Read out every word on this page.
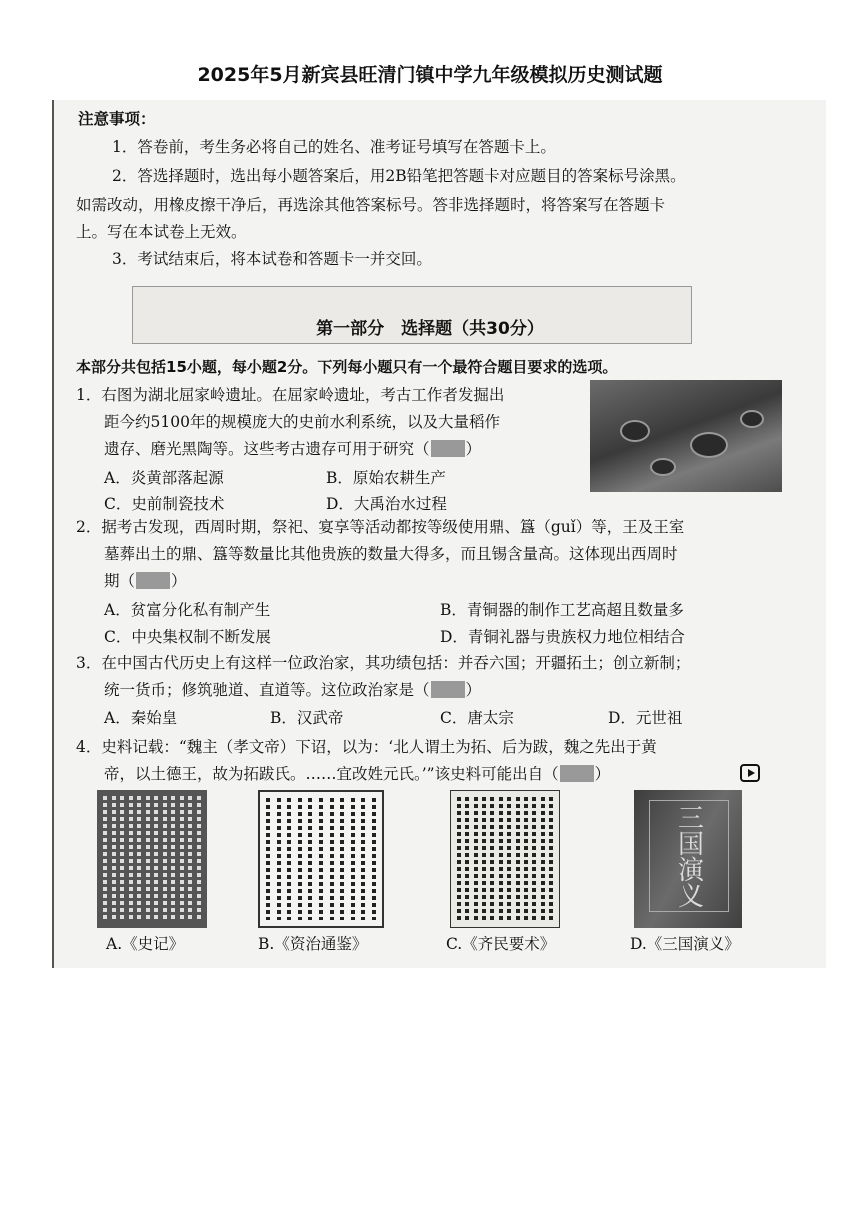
2025年5月新宾县旺清门镇中学九年级模拟历史测试题
注意事项：
1．答卷前，考生务必将自己的姓名、准考证号填写在答题卡上。
2．答选择题时，选出每小题答案后，用2B铅笔把答题卡对应题目的答案标号涂黑。
如需改动，用橡皮擦干净后，再选涂其他答案标号。答非选择题时，将答案写在答题卡
上。写在本试卷上无效。
3．考试结束后，将本试卷和答题卡一并交回。
第一部分　选择题（共30分）
本部分共包括15小题，每小题2分。下列每小题只有一个最符合题目要求的选项。
1．右图为湖北屈家岭遗址。在屈家岭遗址，考古工作者发掘出
距今约5100年的规模庞大的史前水利系统，以及大量稻作
遗存、磨光黑陶等。这些考古遗存可用于研究（ ）
A．炎黄部落起源	B．原始农耕生产
C．史前制瓷技术	D．大禹治水过程
2．据考古发现，西周时期，祭祀、宴享等活动都按等级使用鼎、簋（guǐ）等，王及王室
墓葬出土的鼎、簋等数量比其他贵族的数量大得多，而且锡含量高。这体现出西周时
期（ ）
A．贫富分化私有制产生	B．青铜器的制作工艺高超且数量多
C．中央集权制不断发展	D．青铜礼器与贵族权力地位相结合
3．在中国古代历史上有这样一位政治家，其功绩包括：并吞六国；开疆拓土；创立新制；
统一货币；修筑驰道、直道等。这位政治家是（ ）
A．秦始皇	B．汉武帝	C．唐太宗	D．元世祖
4．史料记载：“魏主（孝文帝）下诏，以为：‘北人谓土为拓、后为跋，魏之先出于黄
帝，以土德王，故为拓跋氏。……宜改姓元氏。’”该史料可能出自（ ）
三国演义
A.《史记》	B.《资治通鉴》	C.《齐民要术》	D.《三国演义》
